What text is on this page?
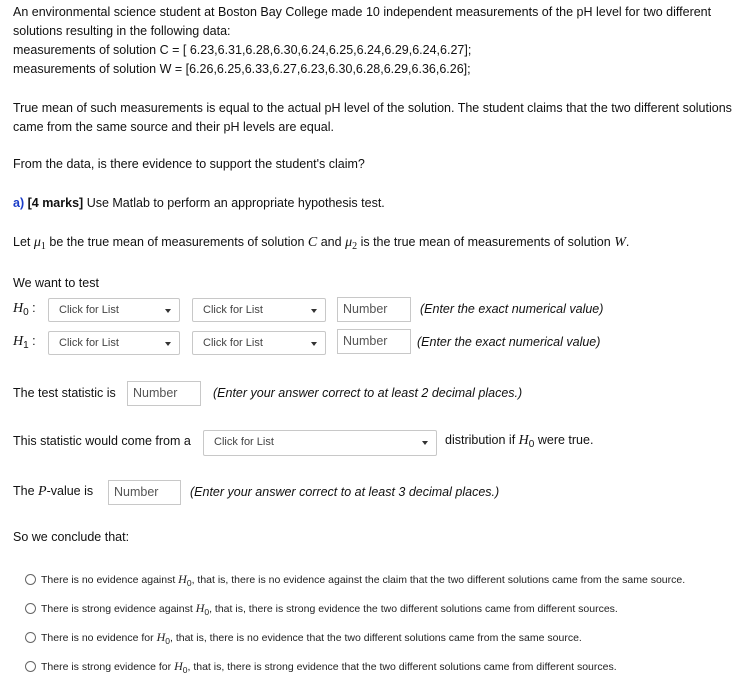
An environmental science student at Boston Bay College made 10 independent measurements of the pH level for two different
solutions resulting in the following data:
measurements of solution C = [ 6.23,6.31,6.28,6.30,6.24,6.25,6.24,6.29,6.24,6.27];
measurements of solution W = [6.26,6.25,6.33,6.27,6.23,6.30,6.28,6.29,6.36,6.26];
True mean of such measurements is equal to the actual pH level of the solution. The student claims that the two different solutions
came from the same source and their pH levels are equal.
From the data, is there evidence to support the student's claim?
a) [4 marks] Use Matlab to perform an appropriate hypothesis test.
Let $\mu_1$ be the true mean of measurements of solution C and $\mu_2$ is the true mean of measurements of solution W.
We want to test
$H_0$ :	Click for List	Click for List	Number	(Enter the exact numerical value)
$H_1$ :	Click for List	Click for List	Number	(Enter the exact numerical value)
The test statistic is	Number	(Enter your answer correct to at least 2 decimal places.)
This statistic would come from a	Click for List	distribution if $H_0$ were true.
The P-value is	Number	(Enter your answer correct to at least 3 decimal places.)
So we conclude that:
There is no evidence against $H_0$, that is, there is no evidence against the claim that the two different solutions came from the same source.
There is strong evidence against $H_0$, that is, there is strong evidence the two different solutions came from different sources.
There is no evidence for $H_0$, that is, there is no evidence that the two different solutions came from the same source.
There is strong evidence for $H_0$, that is, there is strong evidence that the two different solutions came from different sources.
